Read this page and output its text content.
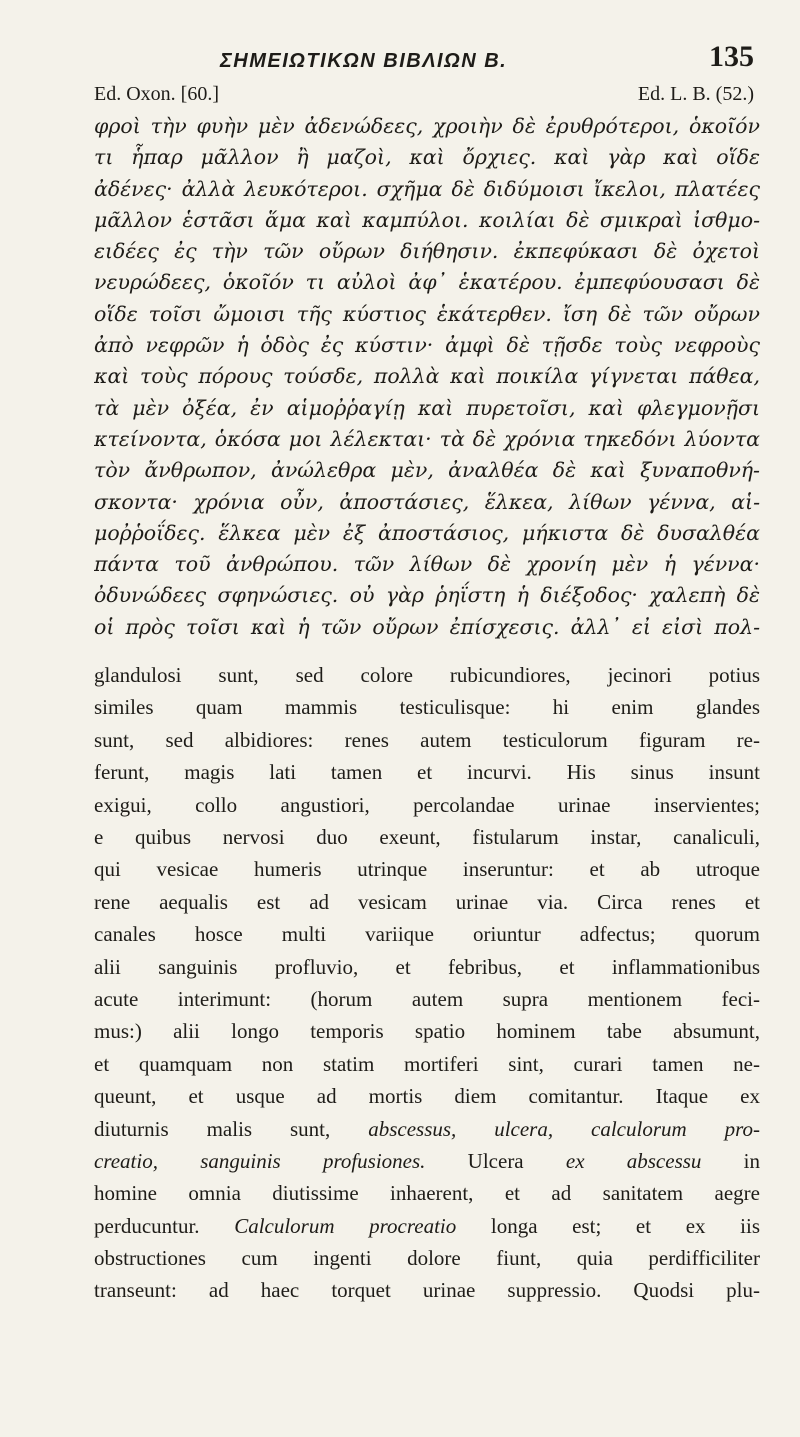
ΣΗΜΕΙΩΤΙΚΩΝ ΒΙΒΛΙΩΝ Β.	135
Ed. Oxon. [60.]	Ed. L. B. (52.)
φροὶ τὴν φυὴν μὲν ἀδενώδεες, χροιὴν δὲ ἐρυθρότεροι, ὁκοῖόν
τι ἧπαρ μᾶλλον ἢ μαζοὶ, καὶ ὄρχιες. καὶ γὰρ καὶ οἵδε
ἀδένες· ἀλλὰ λευκότεροι. σχῆμα δὲ διδύμοισι ἴκελοι, πλατέες
μᾶλλον ἑστᾶσι ἅμα καὶ καμπύλοι. κοιλίαι δὲ σμικραὶ ἰσθμο-
ειδέες ἐς τὴν τῶν οὔρων διήθησιν. ἐκπεφύκασι δὲ ὀχετοὶ
νευρώδεες, ὁκοῖόν τι αὐλοὶ ἀφ᾽ ἑκατέρου. ἐμπεφύουσασι δὲ
οἵδε τοῖσι ὤμοισι τῆς κύστιος ἑκάτερθεν. ἴση δὲ τῶν οὔρων
ἀπὸ νεφρῶν ἡ ὁδὸς ἐς κύστιν· ἀμφὶ δὲ τῇσδε τοὺς νεφροὺς
καὶ τοὺς πόρους τούσδε, πολλὰ καὶ ποικίλα γίγνεται πάθεα,
τὰ μὲν ὀξέα, ἐν αἱμοῤῥαγίῃ καὶ πυρετοῖσι, καὶ φλεγμονῇσι
κτείνοντα, ὁκόσα μοι λέλεκται· τὰ δὲ χρόνια τηκεδόνι λύοντα
τὸν ἄνθρωπον, ἀνώλεθρα μὲν, ἀναλθέα δὲ καὶ ξυναποθνή-
σκοντα· χρόνια οὖν, ἀποστάσιες, ἕλκεα, λίθων γέννα, αἱ-
μοῤῥοΐδες. ἕλκεα μὲν ἐξ ἀποστάσιος, μήκιστα δὲ δυσαλθέα
πάντα τοῦ ἀνθρώπου. τῶν λίθων δὲ χρονίη μὲν ἡ γέννα·
ὀδυνώδεες σφηνώσιες. οὐ γὰρ ῥηΐστη ἡ διέξοδος· χαλεπὴ δὲ
οἱ πρὸς τοῖσι καὶ ἡ τῶν οὔρων ἐπίσχεσις. ἀλλ᾽ εἰ εἰσὶ πολ-
glandulosi sunt, sed colore rubicundiores, jecinori potius
similes quam mammis testiculisque: hi enim glandes
sunt, sed albidiores: renes autem testiculorum figuram re-
ferunt, magis lati tamen et incurvi. His sinus insunt
exigui, collo angustiori, percolandae urinae inservientes;
e quibus nervosi duo exeunt, fistularum instar, canaliculi,
qui vesicae humeris utrinque inseruntur: et ab utroque
rene aequalis est ad vesicam urinae via. Circa renes et
canales hosce multi variique oriuntur adfectus; quorum
alii sanguinis profluvio, et febribus, et inflammationibus
acute interimunt: (horum autem supra mentionem feci-
mus:) alii longo temporis spatio hominem tabe absumunt,
et quamquam non statim mortiferi sint, curari tamen ne-
queunt, et usque ad mortis diem comitantur. Itaque ex
diuturnis malis sunt, abscessus, ulcera, calculorum pro-
creatio, sanguinis profusiones. Ulcera ex abscessu in
homine omnia diutissime inhaerent, et ad sanitatem aegre
perducuntur. Calculorum procreatio longa est; et ex iis
obstructiones cum ingenti dolore fiunt, quia perdifficiliter
transeunt: ad haec torquet urinae suppressio. Quodsi plu-
